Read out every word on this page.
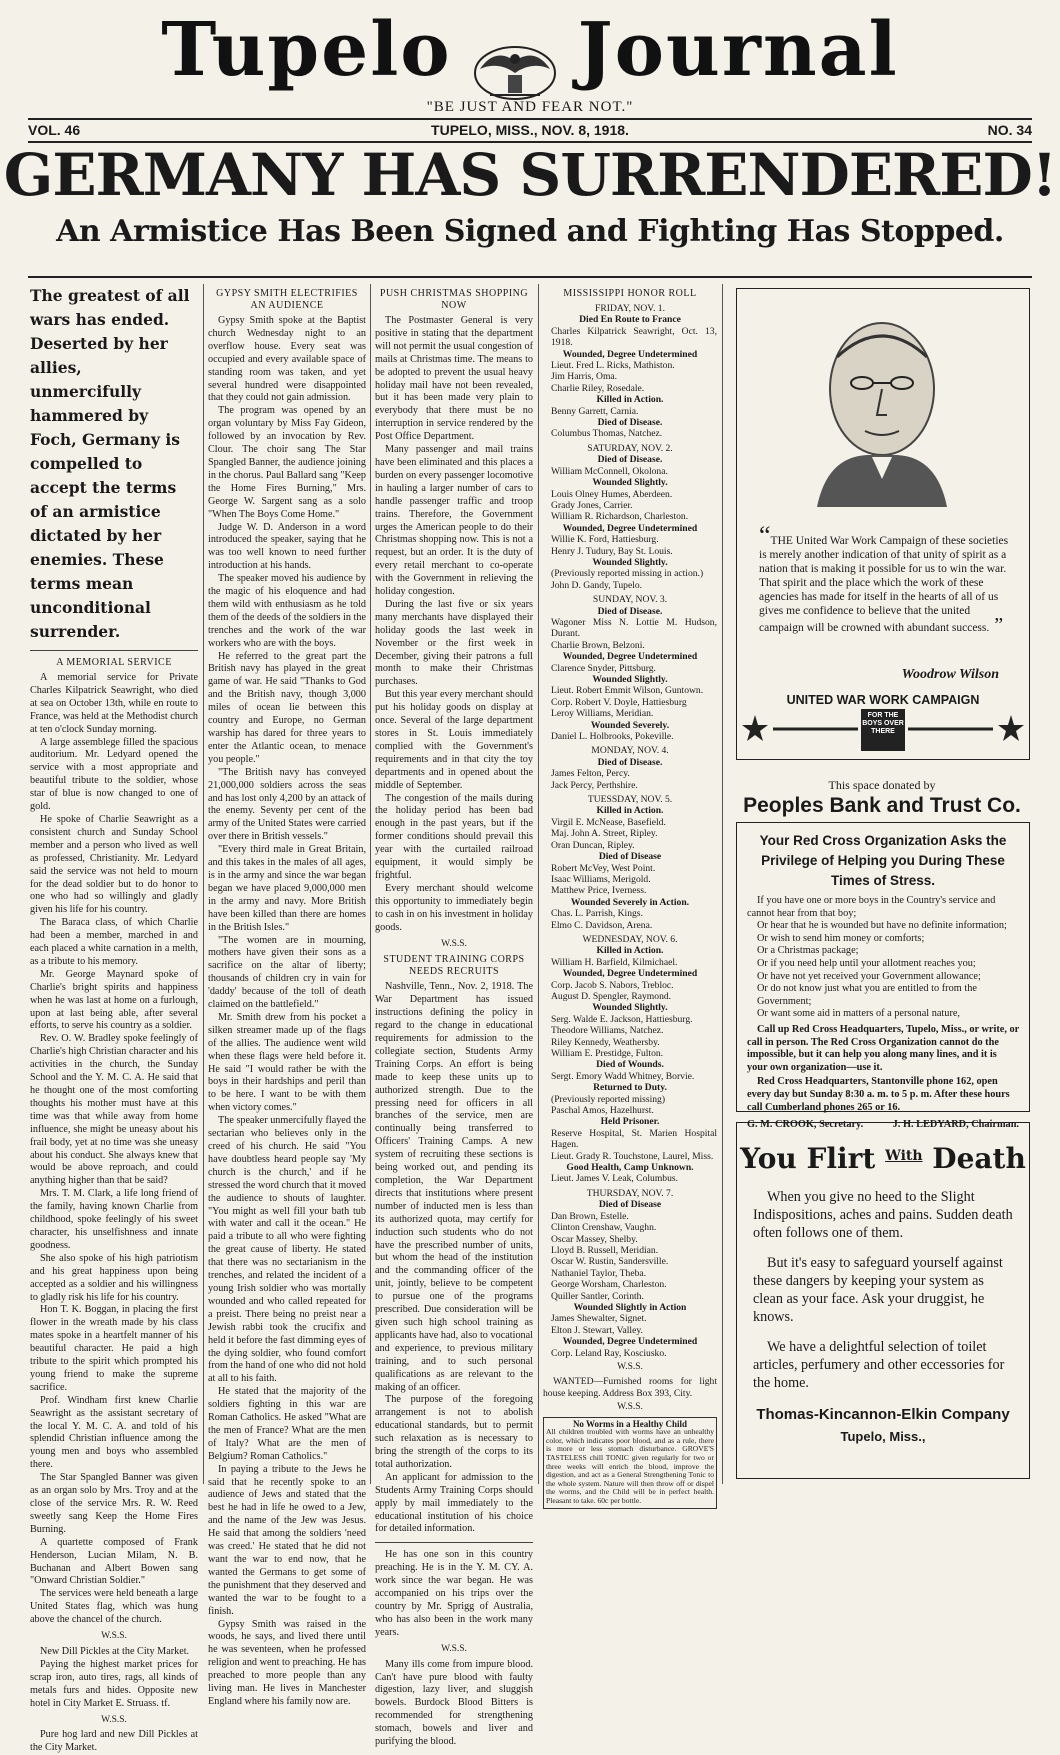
Tupelo Journal
"BE JUST AND FEAR NOT."
VOL. 46	TUPELO, MISS., NOV. 8, 1918.	NO. 34
GERMANY HAS SURRENDERED!
An Armistice Has Been Signed and Fighting Has Stopped.
The greatest of all wars has ended. Deserted by her allies, unmercifully hammered by Foch, Germany is compelled to accept the terms of an armistice dictated by her enemies. These terms mean unconditional surrender.
A MEMORIAL SERVICE

A memorial service for Private Charles Kilpatrick Seawright, who died at sea on October 13th, while en route to France, was held at the Methodist church at ten o'clock Sunday morning.

A large assemblege filled the spacious auditorium. Mr. Ledyard opened the service with a most appropriate and beautiful tribute to the soldier, whose star of blue is now changed to one of gold.

He spoke of Charlie Seawright as a consistent church and Sunday School member and a person who lived as well as professed, Christianity. Mr. Ledyard said the service was not held to mourn for the dead soldier but to do honor to one who had so willingly and gladly given his life for his country.

The Baraca class, of which Charlie had been a member, marched in and each placed a white carnation in a melth, as a tribute to his memory.

Mr. George Maynard spoke of Charlie's bright spirits and happiness when he was last at home on a furlough, upon at last being able, after several efforts, to serve his country as a soldier.

Rev. O. W. Bradley spoke feelingly of Charlie's high Christian character and his activities in the church, the Sunday School and the Y. M. C. A. He said that he thought one of the most comforting thoughts his mother must have at this time was that while away from home influence, she might be uneasy about his frail body, yet at no time was she uneasy about his conduct. She always knew that would be above reproach, and could anything higher than that be said?

Mrs. T. M. Clark, a life long friend of the family, having known Charlie from childhood, spoke feelingly of his sweet character, his unselfishness and innate goodness.

She also spoke of his high patriotism and his great happiness upon being accepted as a soldier and his willingness to gladly risk his life for his country.

Hon T. K. Boggan, in placing the first flower in the wreath made by his class mates spoke in a heartfelt manner of his beautiful character. He paid a high tribute to the spirit which prompted his young friend to make the supreme sacrifice.

Prof. Windham first knew Charlie Seawright as the assistant secretary of the local Y. M. C. A. and told of his splendid Christian influence among the young men and boys who assembled there.

The Star Spangled Banner was given as an organ solo by Mrs. Troy and at the close of the service Mrs. R. W. Reed sweetly sang Keep the Home Fires Burning.

A quartette composed of Frank Henderson, Lucian Milam, N. B. Buchanan and Albert Bowen sang "Onward Christian Soldier."

The services were held beneath a large United States flag, which was hung above the chancel of the church.

W.S.S.

New Dill Pickles at the City Market.

Paying the highest market prices for scrap iron, auto tires, rags, all kinds of metals furs and hides. Opposite new hotel in City Market E. Struass. tf.

W.S.S.

Pure hog lard and new Dill Pickles at the City Market.

GYPSY SMITH ELECTRIFIES AN AUDIENCE

Gypsy Smith spoke at the Baptist church Wednesday night to an overflow house. Every seat was occupied and every available space of standing room was taken, and yet several hundred were disappointed that they could not gain admission.

The program was opened by an organ voluntary by Miss Fay Gideon, followed by an invocation by Rev. Clour. The choir sang The Star Spangled Banner, the audience joining in the chorus. Paul Ballard sang "Keep the Home Fires Burning," Mrs. George W. Sargent sang as a solo "When The Boys Come Home."

Judge W. D. Anderson in a word introduced the speaker, saying that he was too well known to need further introduction at his hands.

The speaker moved his audience by the magic of his eloquence and had them wild with enthusiasm as he told them of the deeds of the soldiers in the trenches and the work of the war workers who are with the boys.

He referred to the great part the British navy has played in the great game of war. He said "Thanks to God and the British navy, though 3,000 miles of ocean lie between this country and Europe, no German warship has dared for three years to enter the Atlantic ocean, to menace you people."

"The British navy has conveyed 21,000,000 soldiers across the seas and has lost only 4,200 by an attack of the enemy. Seventy per cent of the army of the United States were carried over there in British vessels."

"Every third male in Great Britain, and this takes in the males of all ages, is in the army and since the war began began we have placed 9,000,000 men in the army and navy. More British have been killed than there are homes in the British Isles."

"The women are in mourning, mothers have given their sons as a sacrifice on the altar of liberty; thousands of children cry in vain for 'daddy' because of the toll of death claimed on the battlefield."

Mr. Smith drew from his pocket a silken streamer made up of the flags of the allies. The audience went wild when these flags were held before it. He said "I would rather be with the boys in their hardships and peril than to be here. I want to be with them when victory comes."

The speaker unmercifully flayed the sectarian who believes only in the creed of his church. He said "You have doubtless heard people say 'My church is the church,' and if he stressed the word church that it moved the audience to shouts of laughter. "You might as well fill your bath tub with water and call it the ocean." He paid a tribute to all who were fighting the great cause of liberty. He stated that there was no sectarianism in the trenches, and related the incident of a young Irish soldier who was mortally wounded and who called repeated for a preist. There being no preist near a Jewish rabbi took the crucifix and held it before the fast dimming eyes of the dying soldier, who found comfort from the hand of one who did not hold at all to his faith.

He stated that the majority of the soldiers fighting in this war are Roman Catholics. He asked "What are the men of France? What are the men of Italy? What are the men of Belgium? Roman Catholics."

In paying a tribute to the Jews he said that he recently spoke to an audience of Jews and stated that the best he had in life he owed to a Jew, and the name of the Jew was Jesus. He said that among the soldiers 'need was creed.' He stated that he did not want the war to end now, that he wanted the Germans to get some of the punishment that they deserved and wanted the war to be fought to a finish.

Gypsy Smith was raised in the woods, he says, and lived there until he was seventeen, when he professed religion and went to preaching. He has preached to more people than any living man. He lives in Manchester England where his family now are.

PUSH CHRISTMAS SHOPPING NOW

The Postmaster General is very positive in stating that the department will not permit the usual congestion of mails at Christmas time. The means to be adopted to prevent the usual heavy holiday mail have not been revealed, but it has been made very plain to everybody that there must be no interruption in service rendered by the Post Office Department.

Many passenger and mail trains have been eliminated and this places a burden on every passenger locomotive in hauling a larger number of cars to handle passenger traffic and troop trains. Therefore, the Government urges the American people to do their Christmas shopping now. This is not a request, but an order. It is the duty of every retail merchant to co-operate with the Government in relieving the holiday congestion.

During the last five or six years many merchants have displayed their holiday goods the last week in November or the first week in December, giving their patrons a full month to make their Christmas purchases.

But this year every merchant should put his holiday goods on display at once. Several of the large department stores in St. Louis immediately complied with the Government's requirements and in that city the toy departments and in opened about the middle of September.

The congestion of the mails during the holiday period has been bad enough in the past years, but if the former conditions should prevail this year with the curtailed railroad equipment, it would simply be frightful.

Every merchant should welcome this opportunity to immediately begin to cash in on his investment in holiday goods.

W.S.S.
STUDENT TRAINING CORPS NEEDS RECRUITS

Nashville, Tenn., Nov. 2, 1918. The War Department has issued instructions defining the policy in regard to the change in educational requirements for admission to the collegiate section, Students Army Training Corps. An effort is being made to keep these units up to authorized strength. Due to the pressing need for officers in all branches of the service, men are continually being transferred to Officers' Training Camps. A new system of recruiting these sections is being worked out, and pending its completion, the War Department directs that institutions where present number of inducted men is less than its authorized quota, may certify for induction such students who do not have the prescribed number of units, but whom the head of the institution and the commanding officer of the unit, jointly, believe to be competent to pursue one of the programs prescribed. Due consideration will be given such high school training as applicants have had, also to vocational and experience, to previous military training, and to such personal qualifications as are relevant to the making of an officer.

The purpose of the foregoing arrangement is not to abolish educational standards, but to permit such relaxation as is necessary to bring the strength of the corps to its total authorization.

An applicant for admission to the Students Army Training Corps should apply by mail immediately to the educational institution of his choice for detailed information.

He has one son in this country preaching. He is in the Y. M. CY. A. work since the war began. He was accompanied on his trips over the country by Mr. Sprigg of Australia, who has also been in the work many years.

W.S.S.

Many ills come from impure blood. Can't have pure blood with faulty digestion, lazy liver, and sluggish bowels. Burdock Blood Bitters is recommended for strengthening stomach, bowels and liver and purifying the blood.

MISSISSIPPI HONOR ROLL
FRIDAY, NOV. 1.
Died En Route to France
Charles Kilpatrick Seawright, Oct. 13, 1918.
Wounded, Degree Undetermined
Lieut. Fred L. Ricks, Mathiston.
Jim Harris, Oma.
Charlie Riley, Rosedale.
Killed in Action.
Benny Garrett, Carnia.
Died of Disease.
Columbus Thomas, Natchez.
SATURDAY, NOV. 2.
Died of Disease.
William McConnell, Okolona.
Wounded Slightly.
Louis Olney Humes, Aberdeen.
Grady Jones, Carrier.
William R. Richardson, Charleston.
Wounded, Degree Undetermined
Willie K. Ford, Hattiesburg.
Henry J. Tudury, Bay St. Louis.
Wounded Slightly.
(Previously reported missing in action.)
John D. Gandy, Tupelo.
SUNDAY, NOV. 3.
Died of Disease.
Wagoner Miss N. Lottie M. Hudson, Durant.
Charlie Brown, Belzoni.
Wounded, Degree Undetermined
Clarence Snyder, Pittsburg.
Wounded Slightly.
Lieut. Robert Emmit Wilson, Guntown.
Corp. Robert V. Doyle, Hattiesburg
Leroy Williams, Meridian.
Wounded Severely.
Daniel L. Holbrooks, Pokeville.
MONDAY, NOV. 4.
Died of Disease.
James Felton, Percy.
Jack Percy, Perthshire.
TUESSDAY, NOV. 5.
Killed in Action.
Virgil E. McNease, Basefield.
Maj. John A. Street, Ripley.
Oran Duncan, Ripley.
Died of Disease
Robert McVey, West Point.
Isaac Williams, Merigold.
Matthew Price, Iverness.
Wounded Severely in Action.
Chas. L. Parrish, Kings.
Elmo C. Davidson, Arena.
WEDNESDAY, NOV. 6.
Killed in Action.
William H. Barfield, Kilmichael.
Wounded, Degree Undetermined
Corp. Jacob S. Nabors, Trebloc.
August D. Spengler, Raymond.
Wounded Slightly.
Serg. Walde E. Jackson, Hattiesburg.
Theodore Williams, Natchez.
Riley Kennedy, Weathersby.
William E. Prestidge, Fulton.
Died of Wounds.
Sergt. Emory Wadd Whitney, Borvie.
Returned to Duty.
(Previously reported missing)
Paschal Amos, Hazelhurst.
Held Prisoner.
Reserve Hospital, St. Marien Hospital Hagen.
Lieut. Grady R. Touchstone, Laurel, Miss.
Good Health, Camp Unknown.
Lieut. James V. Leak, Columbus.
THURSDAY, NOV. 7.
Died of Disease
Dan Brown, Estelle.
Clinton Crenshaw, Vaughn.
Oscar Massey, Shelby.
Lloyd B. Russell, Meridian.
Oscar W. Rustin, Sandersville.
Nathaniel Taylor, Theba.
George Worsham, Charleston.
Quiller Santler, Corinth.
Wounded Slightly in Action
James Shewalter, Signet.
Elton J. Stewart, Valley.
Wounded, Degree Undetermined
Corp. Leland Ray, Kosciusko.
W.S.S.

WANTED—Furnished rooms for light house keeping. Address Box 393, City.

W.S.S.
No Worms in a Healthy Child
All children troubled with worms have an unhealthy color, which indicates poor blood, and as a rule, there is more or less stomach disturbance. GROVE'S TASTELESS chill TONIC given regularly for two or three weeks will enrich the blood, improve the digestion, and act as a General Strengthening Tonic to the whole system. Nature will then throw off or dispel the worms, and the Child will be in perfect health. Pleasant to take. 60c per bottle.
“THE United War Work Campaign of these societies is merely another indication of that unity of spirit as a nation that is making it possible for us to win the war. That spirit and the place which the work of these agencies has made for itself in the hearts of all of us gives me confidence to believe that the united campaign will be crowned with abundant success. ”
Woodrow Wilson
UNITED WAR WORK CAMPAIGN
FOR THE BOYS OVER THERE
This space donated by
Peoples Bank and Trust Co.
Your Red Cross Organization Asks the Privilege of Helping you During These Times of Stress.
If you have one or more boys in the Country's service and cannot hear from that boy;
Or hear that he is wounded but have no definite information;
Or wish to send him money or comforts;
Or a Christmas package;
Or if you need help until your allotment reaches you;
Or have not yet received your Government allowance;
Or do not know just what you are entitled to from the Government;
Or want some aid in matters of a personal nature,
Call up Red Cross Headquarters, Tupelo, Miss., or write, or call in person. The Red Cross Organization cannot do the impossible, but it can help you along many lines, and it is your own organization—use it.
Red Cross Headquarters, Stantonville phone 162, open every day but Sunday 8:30 a. m. to 5 p. m. After these hours call Cumberland phones 265 or 16.
G. M. CROOK, Secretary.	J. H. LEDYARD, Chairman.
You Flirt $^{With}$ Death

When you give no heed to the Slight Indispositions, aches and pains. Sudden death often follows one of them.

But it's easy to safeguard yourself against these dangers by keeping your system as clean as your face. Ask your druggist, he knows.

We have a delightful selection of toilet articles, perfumery and other eccessories for the home.

Thomas-Kincannon-Elkin Company
Tupelo, Miss.,
